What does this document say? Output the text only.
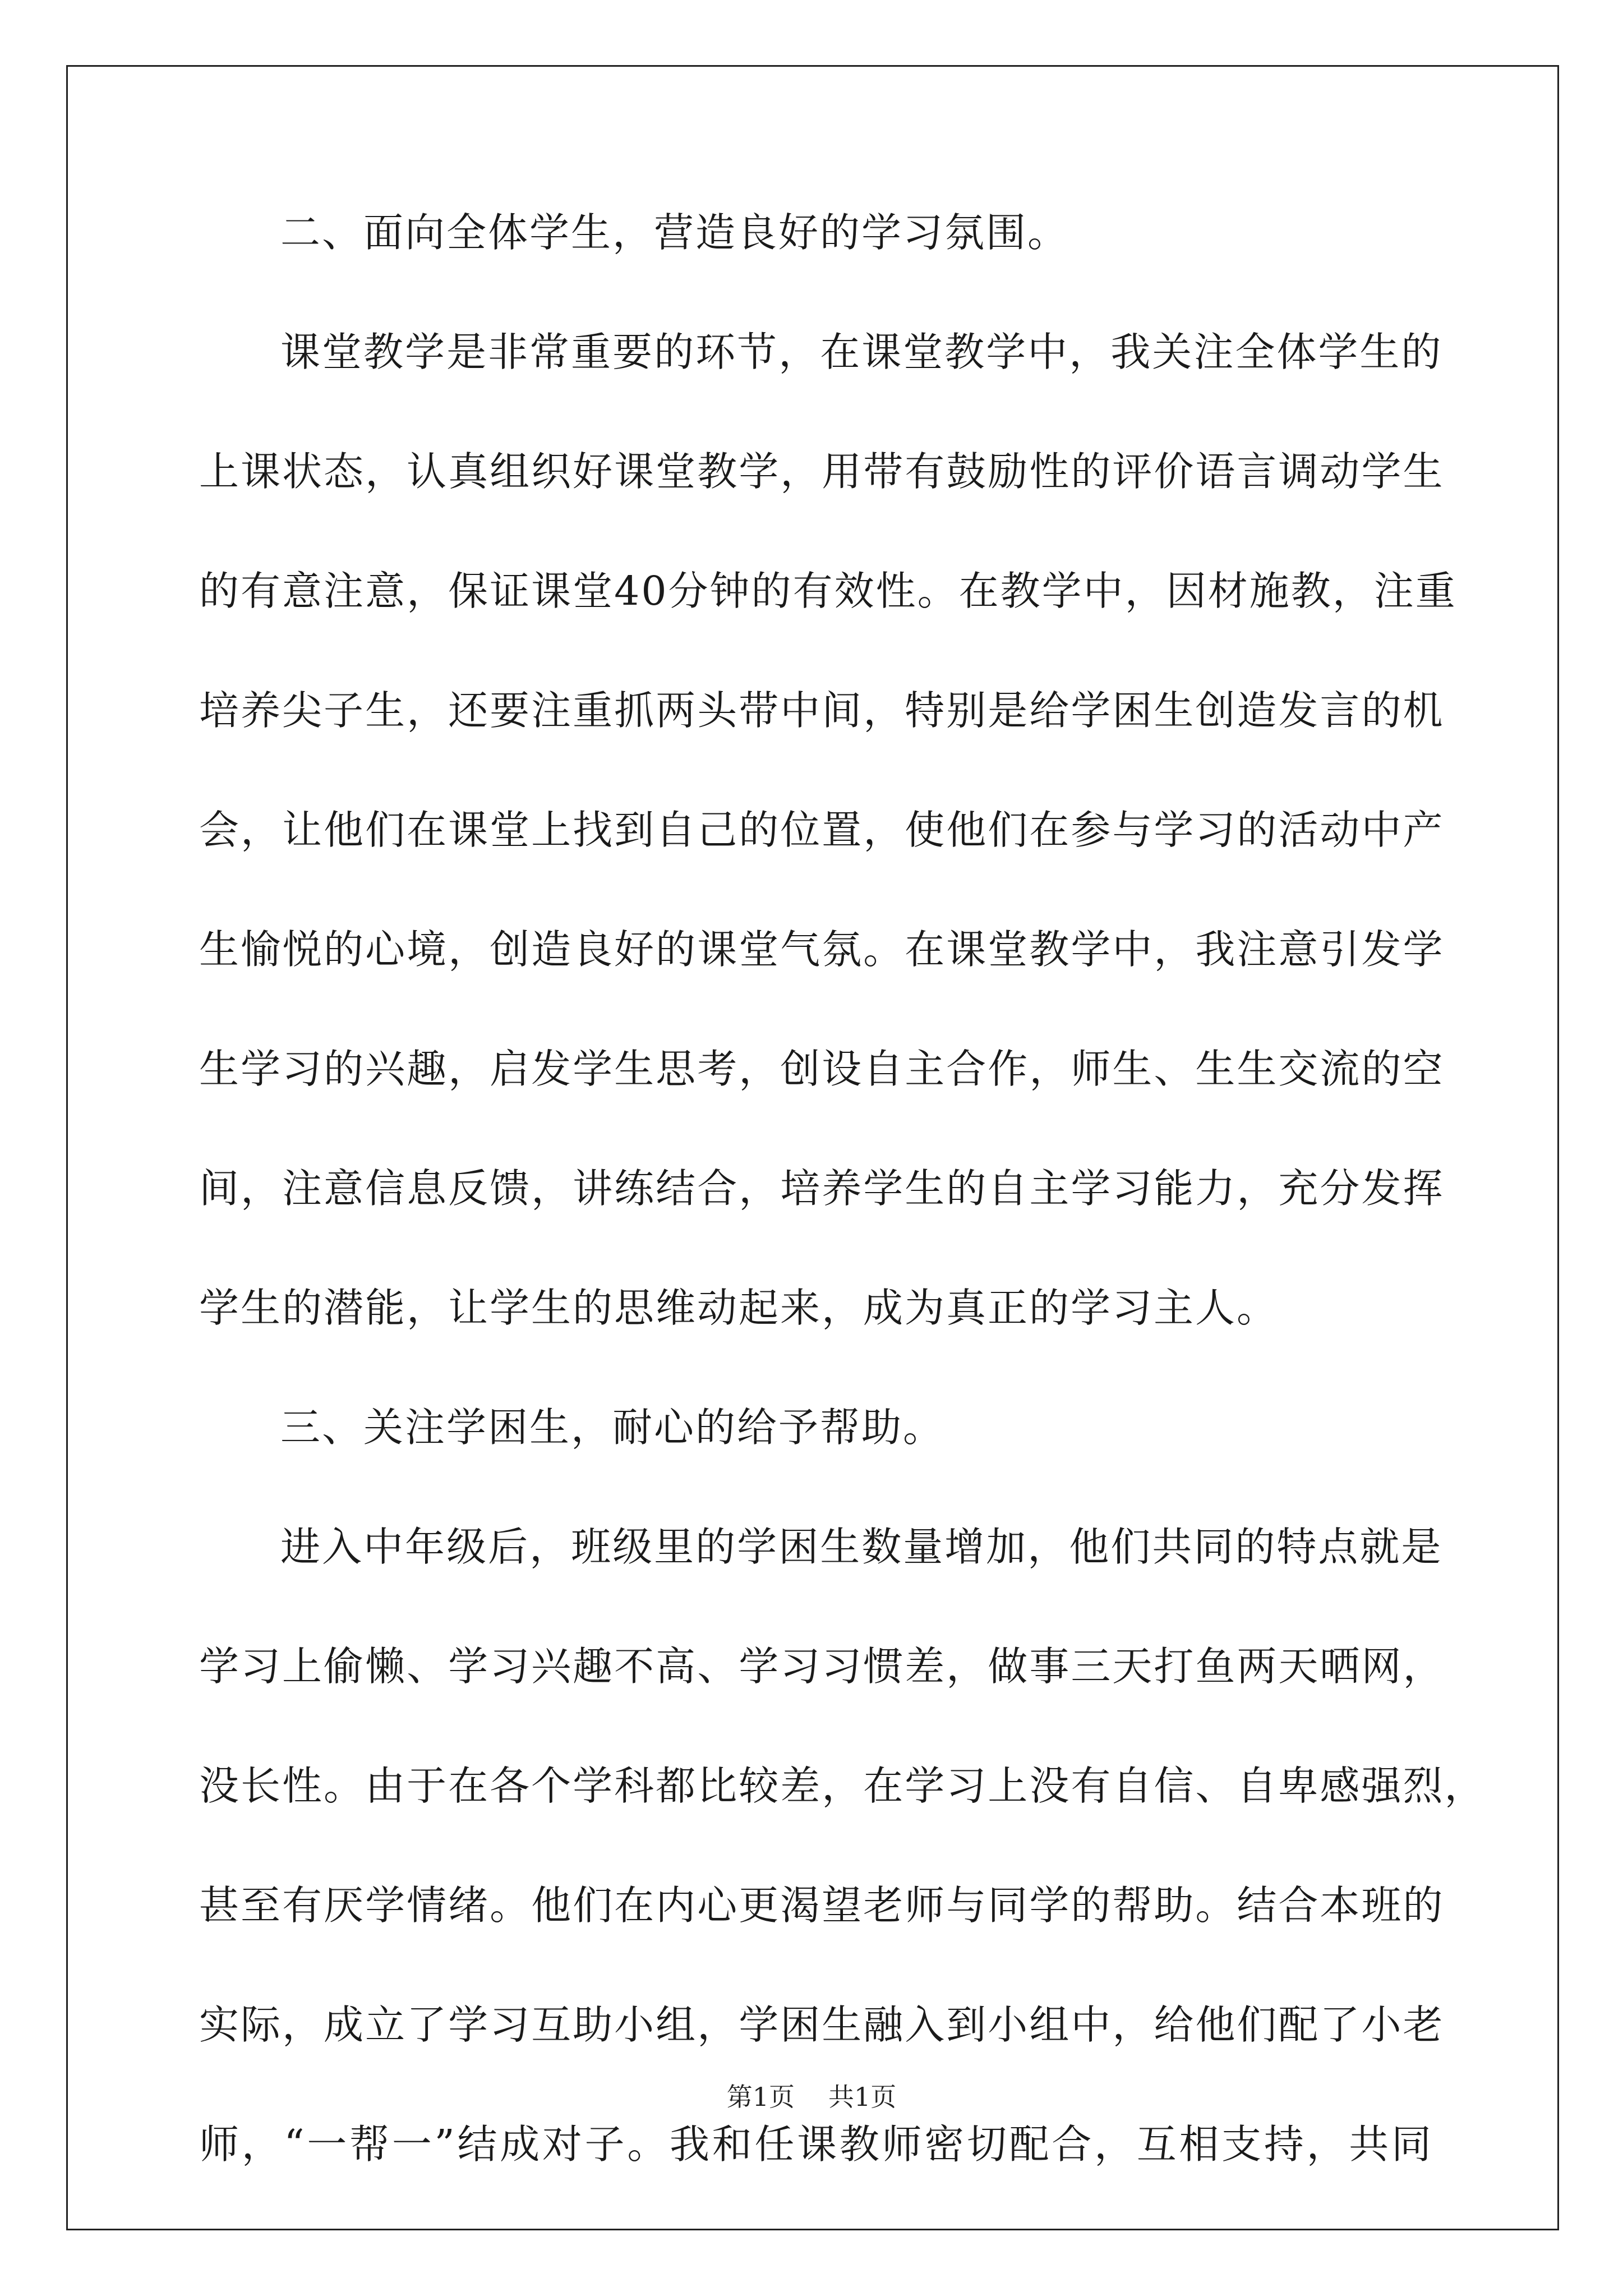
二、面向全体学生，营造良好的学习氛围。
课 堂 教 学 是 非 常 重 要 的 环 节 ， 在 课 堂 教 学 中 ， 我 关 注 全 体 学 生 的
上 课 状 态 ， 认 真 组 织 好 课 堂 教 学 ， 用 带 有 鼓 励 性 的 评 价 语 言 调 动 学 生
的 有 意 注 意 ， 保 证 课 堂 40 分 钟 的 有 效 性 。 在 教 学 中 ， 因 材 施 教 ， 注 重
培 养 尖 子 生 ， 还 要 注 重 抓 两 头 带 中 间 ， 特 别 是 给 学 困 生 创 造 发 言 的 机
会 ， 让 他 们 在 课 堂 上 找 到 自 己 的 位 置 ， 使 他 们 在 参 与 学 习 的 活 动 中 产
生 愉 悦 的 心 境 ， 创 造 良 好 的 课 堂 气 氛 。 在 课 堂 教 学 中 ， 我 注 意 引 发 学
生 学 习 的 兴 趣 ， 启 发 学 生 思 考 ， 创 设 自 主 合 作 ， 师 生 、 生 生 交 流 的 空
间 ， 注 意 信 息 反 馈 ， 讲 练 结 合 ， 培 养 学 生 的 自 主 学 习 能 力 ， 充 分 发 挥
学生的潜能，让学生的思维动起来，成为真正的学习主人。
三、关注学困生，耐心的给予帮助。
进 入 中 年 级 后 ， 班 级 里 的 学 困 生 数 量 增 加 ， 他 们 共 同 的 特 点 就 是
学 习 上 偷 懒 、 学 习 兴 趣 不 高 、 学 习 习 惯 差 ， 做 事 三 天 打 鱼 两 天 晒 网 ，
没 长 性 。 由 于 在 各 个 学 科 都 比 较 差 ， 在 学 习 上 没 有 自 信 、 自 卑 感 强 烈 ，
甚 至 有 厌 学 情 绪 。 他 们 在 内 心 更 渴 望 老 师 与 同 学 的 帮 助 。 结 合 本 班 的
实 际 ， 成 立 了 学 习 互 助 小 组 ， 学 困 生 融 入 到 小 组 中 ， 给 他 们 配 了 小 老
师 ， “ 一 帮 一 ” 结 成 对 子 。 我 和 任 课 教 师 密 切 配 合 ， 互 相 支 持 ， 共 同
第1页 共1页
